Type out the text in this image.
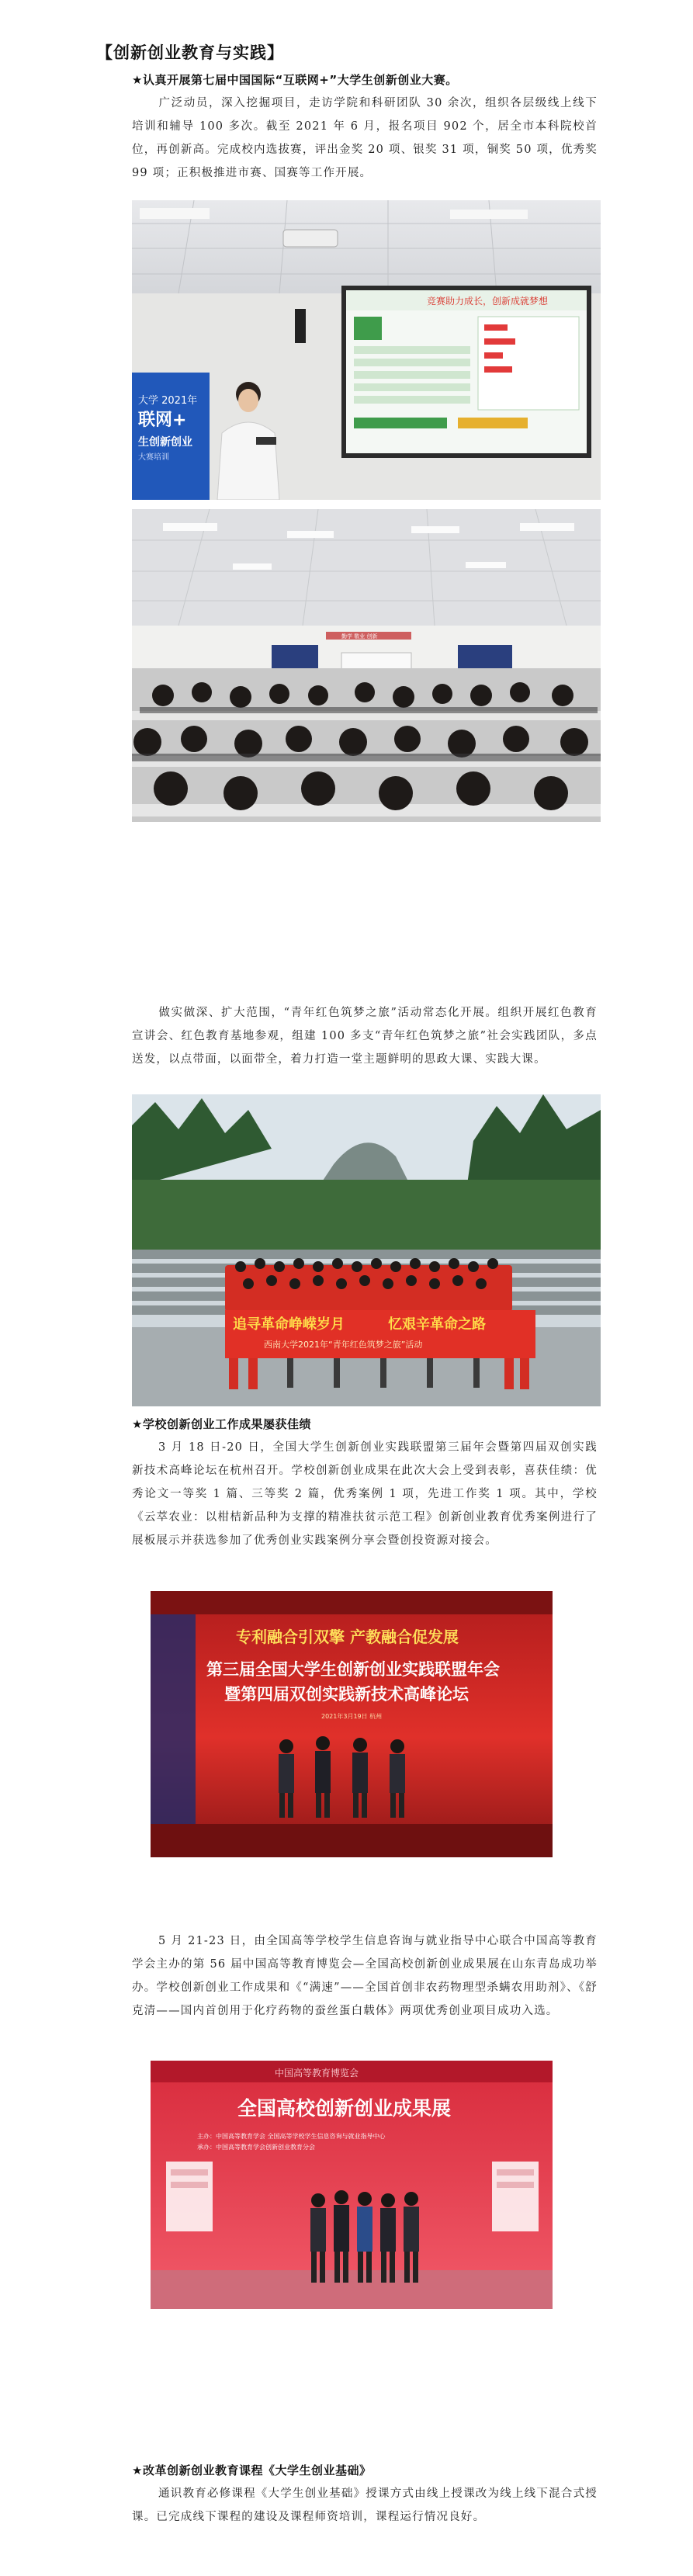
【创新创业教育与实践】
★认真开展第七届中国国际“互联网+”大学生创新创业大赛。
广泛动员，深入挖掘项目，走访学院和科研团队 30 余次，组织各层级线上线下培训和辅导 100 多次。截至 2021 年 6 月，报名项目 902 个，居全市本科院校首位，再创新高。完成校内选拔赛，评出金奖 20 项、银奖 31 项，铜奖 50 项，优秀奖 99 项；正积极推进市赛、国赛等工作开展。
竞赛助力成长，创新成就梦想
大学 2021年
联网+
生创新创业
大赛培训
勤学 敬业 创新
做实做深、扩大范围，“青年红色筑梦之旅”活动常态化开展。组织开展红色教育宣讲会、红色教育基地参观，组建 100 多支“青年红色筑梦之旅”社会实践团队，多点送发，以点带面，以面带全，着力打造一堂主题鲜明的思政大课、实践大课。
追寻革命峥嵘岁月	忆艰辛革命之路
西南大学2021年“青年红色筑梦之旅”活动
★学校创新创业工作成果屡获佳绩
3 月 18 日-20 日，全国大学生创新创业实践联盟第三届年会暨第四届双创实践新技术高峰论坛在杭州召开。学校创新创业成果在此次大会上受到表彰，喜获佳绩：优秀论文一等奖 1 篇、三等奖 2 篇，优秀案例 1 项，先进工作奖 1 项。其中，学校《云萃农业：以柑桔新品种为支撑的精准扶贫示范工程》创新创业教育优秀案例进行了展板展示并获选参加了优秀创业实践案例分享会暨创投资源对接会。
专利融合引双擎 产教融合促发展
第三届全国大学生创新创业实践联盟年会
暨第四届双创实践新技术高峰论坛
2021年3月19日 杭州
5 月 21-23 日，由全国高等学校学生信息咨询与就业指导中心联合中国高等教育学会主办的第 56 届中国高等教育博览会—全国高校创新创业成果展在山东青岛成功举办。学校创新创业工作成果和《“满速”——全国首创非农药物理型杀螨农用助剂》、《舒克清——国内首创用于化疗药物的蚕丝蛋白载体》两项优秀创业项目成功入选。
中国高等教育博览会
全国高校创新创业成果展
主办：中国高等教育学会 全国高等学校学生信息咨询与就业指导中心
承办：中国高等教育学会创新创业教育分会
★改革创新创业教育课程《大学生创业基础》
通识教育必修课程《大学生创业基础》授课方式由线上授课改为线上线下混合式授课。已完成线下课程的建设及课程师资培训，课程运行情况良好。
